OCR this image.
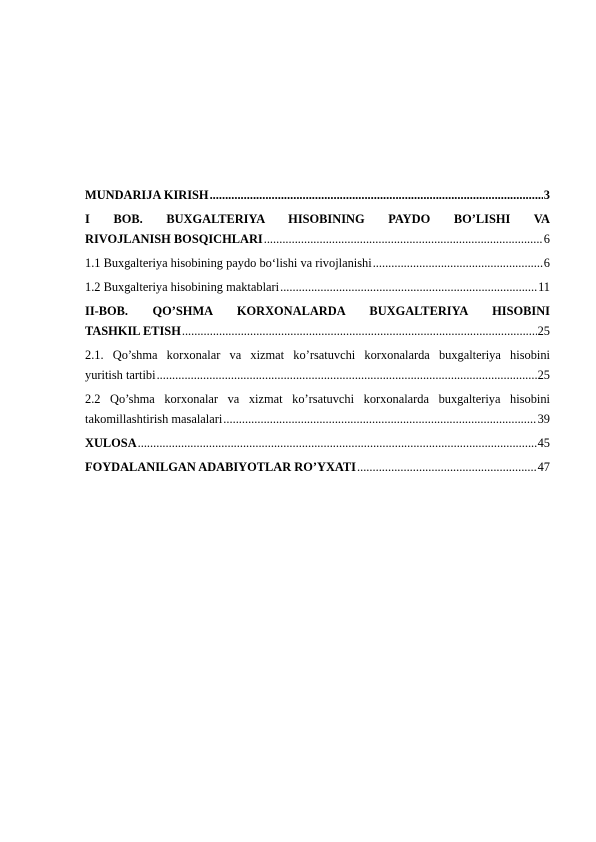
MUNDARIJA KIRISH .....	3
I BOB. BUXGALTERIYA HISOBINING PAYDO BO’LISHI VA
RIVOJLANISH BOSQICHLARI .....	6
1.1 Buxgalteriya hisobining paydo bo‘lishi va rivojlanishi .....	6
1.2 Buxgalteriya hisobining maktablari .....	11
II-BOB. QO’SHMA KORXONALARDA BUXGALTERIYA HISOBINI
TASHKIL ETISH .....	25
2.1. Qo’shma korxonalar va xizmat ko’rsatuvchi korxonalarda buxgalteriya hisobini
yuritish tartibi .....	25
2.2 Qo’shma korxonalar va xizmat ko’rsatuvchi korxonalarda buxgalteriya hisobini
takomillashtirish masalalari .....	39
XULOSA .....	45
FOYDALANILGAN ADABIYOTLAR RO’YXATI .....	47
